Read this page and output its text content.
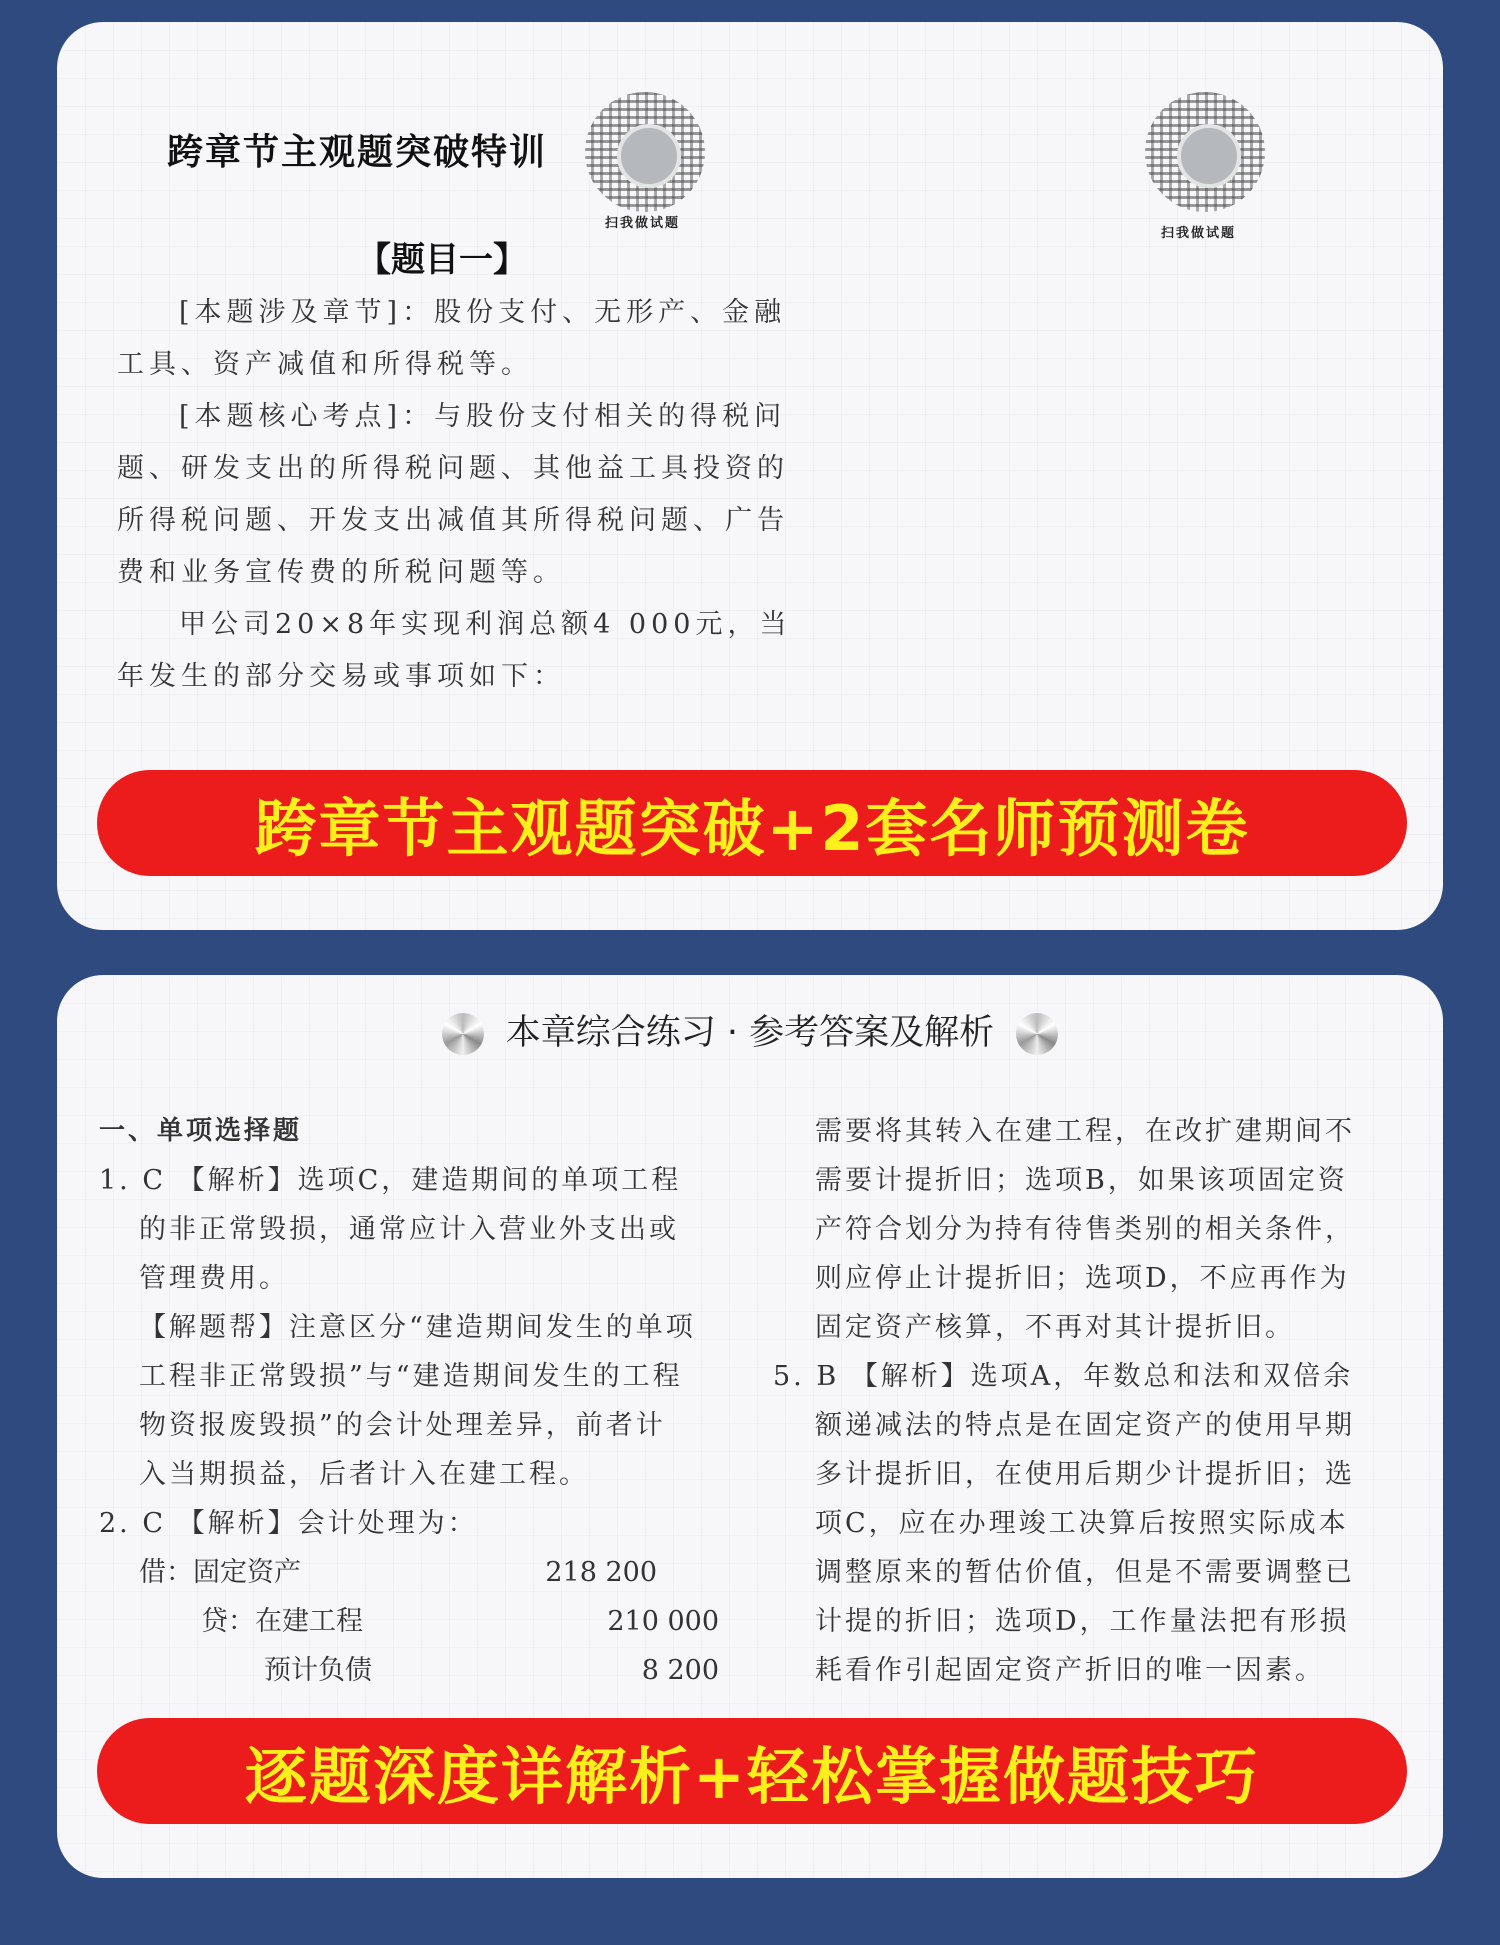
跨章节主观题突破特训
【题目一】

[本题涉及章节]：股份支付、无形产、金融工具、资产减值和所得税等。

[本题核心考点]：与股份支付相关的得税问题、研发支出的所得税问题、其他益工具投资的所得税问题、开发支出减值其所得税问题、广告费和业务宣传费的所税问题等。

甲公司20×8年实现利润总额4 000元，当年发生的部分交易或事项如下：

扫我做试题

扫我做试题
跨章节主观题突破+2套名师预测卷
本章综合练习 · 参考答案及解析

一、单项选择题

1. C 【解析】选项C，建造期间的单项工程

的非正常毁损，通常应计入营业外支出或

管理费用。

【解题帮】注意区分“建造期间发生的单项

工程非正常毁损”与“建造期间发生的工程

物资报废毁损”的会计处理差异，前者计

入当期损益，后者计入在建工程。

2. C 【解析】会计处理为：

借：固定资产	218 200
贷：在建工程	210 000
预计负债	8 200

需要将其转入在建工程，在改扩建期间不

需要计提折旧；选项B，如果该项固定资

产符合划分为持有待售类别的相关条件，

则应停止计提折旧；选项D，不应再作为

固定资产核算，不再对其计提折旧。

5. B 【解析】选项A，年数总和法和双倍余

额递减法的特点是在固定资产的使用早期

多计提折旧，在使用后期少计提折旧；选

项C，应在办理竣工决算后按照实际成本

调整原来的暂估价值，但是不需要调整已

计提的折旧；选项D，工作量法把有形损

耗看作引起固定资产折旧的唯一因素。

逐题深度详解析+轻松掌握做题技巧
